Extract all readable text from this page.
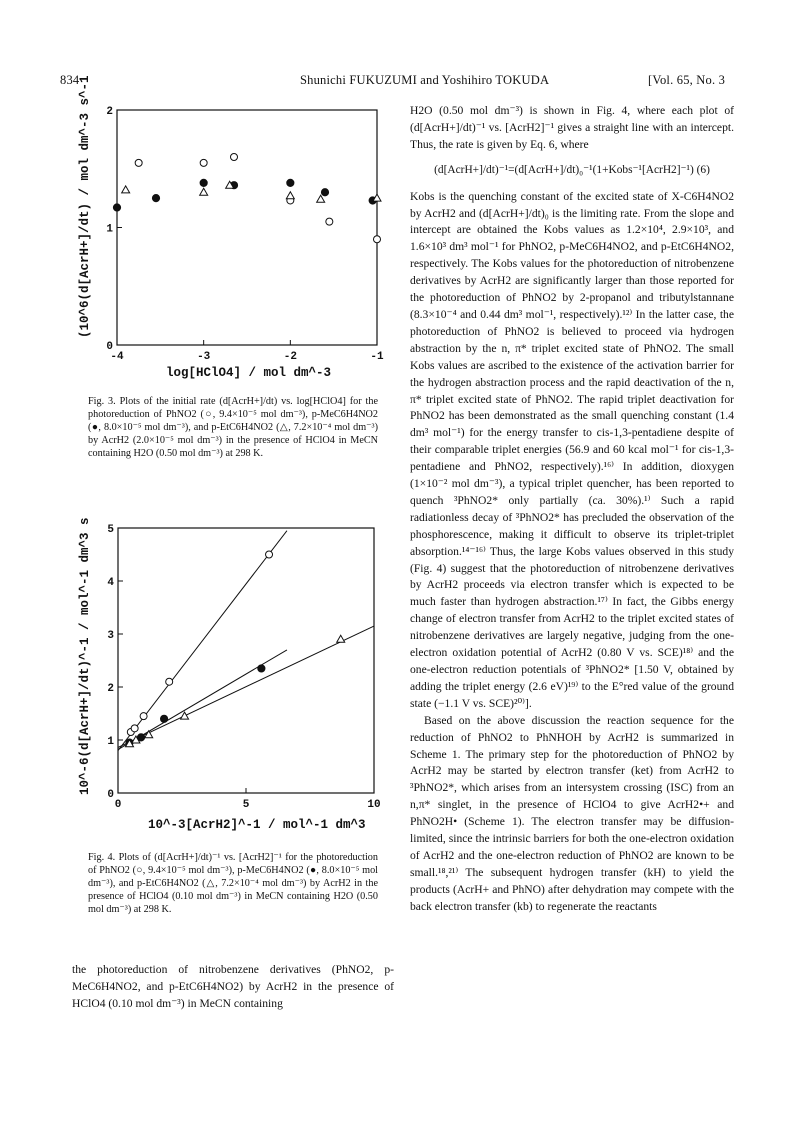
834	Shunichi FUKUZUMI and Yoshihiro TOKUDA	[Vol. 65, No. 3
(10^6(d[AcrH+]/dt) / mol dm^-3 s^-1
-4	-3	-2	-1
0
1
2
log[HClO4] / mol dm^-3
Fig. 3. Plots of the initial rate (d[AcrH+]/dt) vs. log[HClO4] for the photoreduction of PhNO2 (○, 9.4×10⁻⁵ mol dm⁻³), p-MeC6H4NO2 (●, 8.0×10⁻⁵ mol dm⁻³), and p-EtC6H4NO2 (△, 7.2×10⁻⁴ mol dm⁻³) by AcrH2 (2.0×10⁻⁵ mol dm⁻³) in the presence of HClO4 in MeCN containing H2O (0.50 mol dm⁻³) at 298 K.
10^-6(d[AcrH+]/dt)^-1 / mol^-1 dm^3 s
0	5	10
0
1
2
3
4
5
10^-3[AcrH2]^-1 / mol^-1 dm^3
Fig. 4. Plots of (d[AcrH+]/dt)⁻¹ vs. [AcrH2]⁻¹ for the photoreduction of PhNO2 (○, 9.4×10⁻⁵ mol dm⁻³), p-MeC6H4NO2 (●, 8.0×10⁻⁵ mol dm⁻³), and p-EtC6H4NO2 (△, 7.2×10⁻⁴ mol dm⁻³) by AcrH2 in the presence of HClO4 (0.10 mol dm⁻³) in MeCN containing H2O (0.50 mol dm⁻³) at 298 K.

the photoreduction of nitrobenzene derivatives (PhNO2, p-MeC6H4NO2, and p-EtC6H4NO2) by AcrH2 in the presence of HClO4 (0.10 mol dm⁻³) in MeCN containing

H2O (0.50 mol dm⁻³) is shown in Fig. 4, where each plot of (d[AcrH+]/dt)⁻¹ vs. [AcrH2]⁻¹ gives a straight line with an intercept. Thus, the rate is given by Eq. 6, where

(d[AcrH+]/dt)⁻¹=(d[AcrH+]/dt)₀⁻¹(1+Kobs⁻¹[AcrH2]⁻¹) (6)

Kobs is the quenching constant of the excited state of X-C6H4NO2 by AcrH2 and (d[AcrH+]/dt)₀ is the limiting rate. From the slope and intercept are obtained the Kobs values as 1.2×10⁴, 2.9×10³, and 1.6×10³ dm³ mol⁻¹ for PhNO2, p-MeC6H4NO2, and p-EtC6H4NO2, respectively. The Kobs values for the photoreduction of nitrobenzene derivatives by AcrH2 are significantly larger than those reported for the photoreduction of PhNO2 by 2-propanol and tributylstannane (8.3×10⁻⁴ and 0.44 dm³ mol⁻¹, respectively).¹²⁾ In the latter case, the photoreduction of PhNO2 is believed to proceed via hydrogen abstraction by the n, π* triplet excited state of PhNO2. The small Kobs values are ascribed to the existence of the activation barrier for the hydrogen abstraction process and the rapid deactivation of the n, π* triplet excited state of PhNO2. The rapid triplet deactivation for PhNO2 has been demonstrated as the small quenching constant (1.4 dm³ mol⁻¹) for the energy transfer to cis-1,3-pentadiene despite of their comparable triplet energies (56.9 and 60 kcal mol⁻¹ for cis-1,3-pentadiene and PhNO2, respectively).¹⁶⁾ In addition, dioxygen (1×10⁻² mol dm⁻³), a typical triplet quencher, has been reported to quench ³PhNO2* only partially (ca. 30%).¹⁾ Such a rapid radiationless decay of ³PhNO2* has precluded the observation of the phosphorescence, making it difficult to observe its triplet-triplet absorption.¹⁴⁻¹⁶⁾ Thus, the large Kobs values observed in this study (Fig. 4) suggest that the photoreduction of nitrobenzene derivatives by AcrH2 proceeds via electron transfer which is expected to be much faster than hydrogen abstraction.¹⁷⁾ In fact, the Gibbs energy change of electron transfer from AcrH2 to the triplet excited states of nitrobenzene derivatives are largely negative, judging from the one-electron oxidation potential of AcrH2 (0.80 V vs. SCE)¹⁸⁾ and the one-electron reduction potentials of ³PhNO2* [1.50 V, obtained by adding the triplet energy (2.6 eV)¹⁹⁾ to the E°red value of the ground state (−1.1 V vs. SCE)²⁰⁾].

Based on the above discussion the reaction sequence for the reduction of PhNO2 to PhNHOH by AcrH2 is summarized in Scheme 1. The primary step for the photoreduction of PhNO2 by AcrH2 may be started by electron transfer (ket) from AcrH2 to ³PhNO2*, which arises from an intersystem crossing (ISC) from an n,π* singlet, in the presence of HClO4 to give AcrH2•+ and PhNO2H• (Scheme 1). The electron transfer may be diffusion-limited, since the intrinsic barriers for both the one-electron oxidation of AcrH2 and the one-electron reduction of PhNO2 are known to be small.¹⁸,²¹⁾ The subsequent hydrogen transfer (kH) to yield the products (AcrH+ and PhNO) after dehydration may compete with the back electron transfer (kb) to regenerate the reactants
